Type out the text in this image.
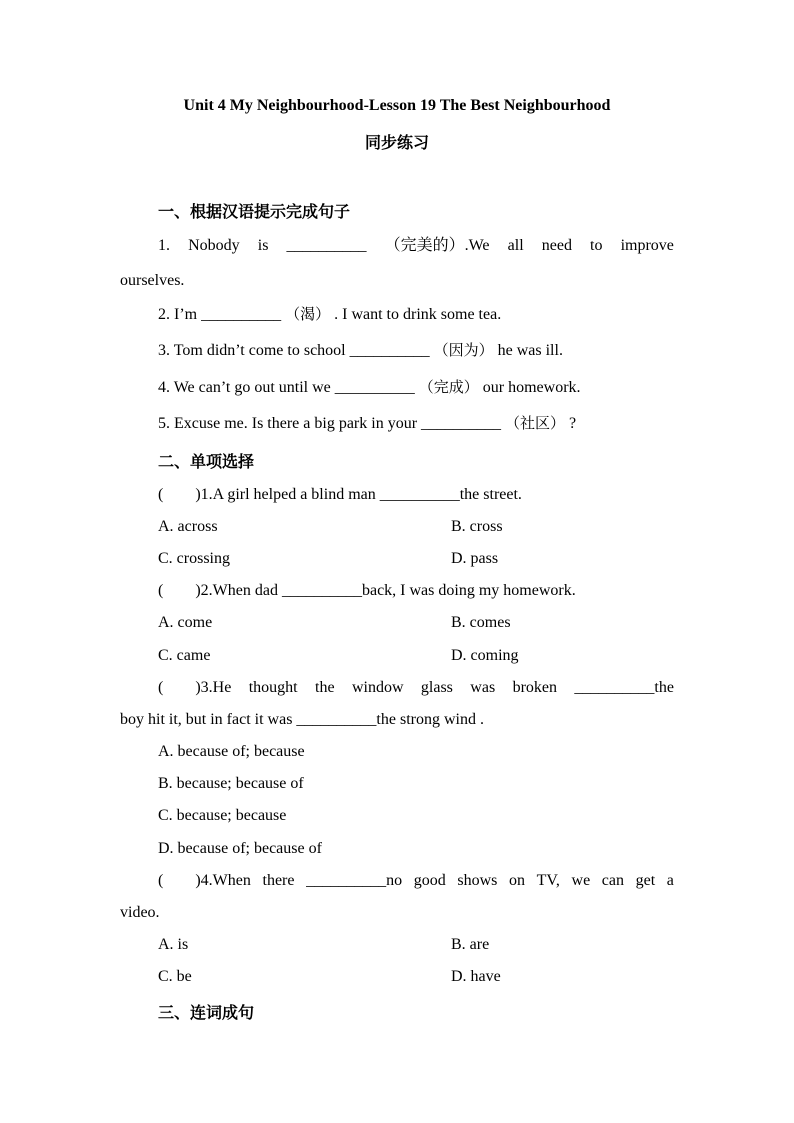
Unit 4 My Neighbourhood-Lesson 19 The Best Neighbourhood
同步练习
一、根据汉语提示完成句子
1. Nobody is __________ （完美的）.We all need to improve
ourselves.
2. I’m __________ （渴） . I want to drink some tea.
3. Tom didn’t come to school __________ （因为） he was ill.
4. We can’t go out until we __________ （完成） our homework.
5. Excuse me. Is there a big park in your __________ （社区） ?
二、单项选择
(　　)1.A girl helped a blind man __________the street.
A. across	B. cross
C. crossing	D. pass
(　　)2.When dad __________back, I was doing my homework.
A. come	B. comes
C. came	D. coming
(　　)3.He thought the window glass was broken __________the
boy hit it, but in fact it was __________the strong wind .
A. because of; because
B. because; because of
C. because; because
D. because of; because of
(　　)4.When there __________no good shows on TV, we can get a
video.
A. is	B. are
C. be	D. have
三、连词成句
